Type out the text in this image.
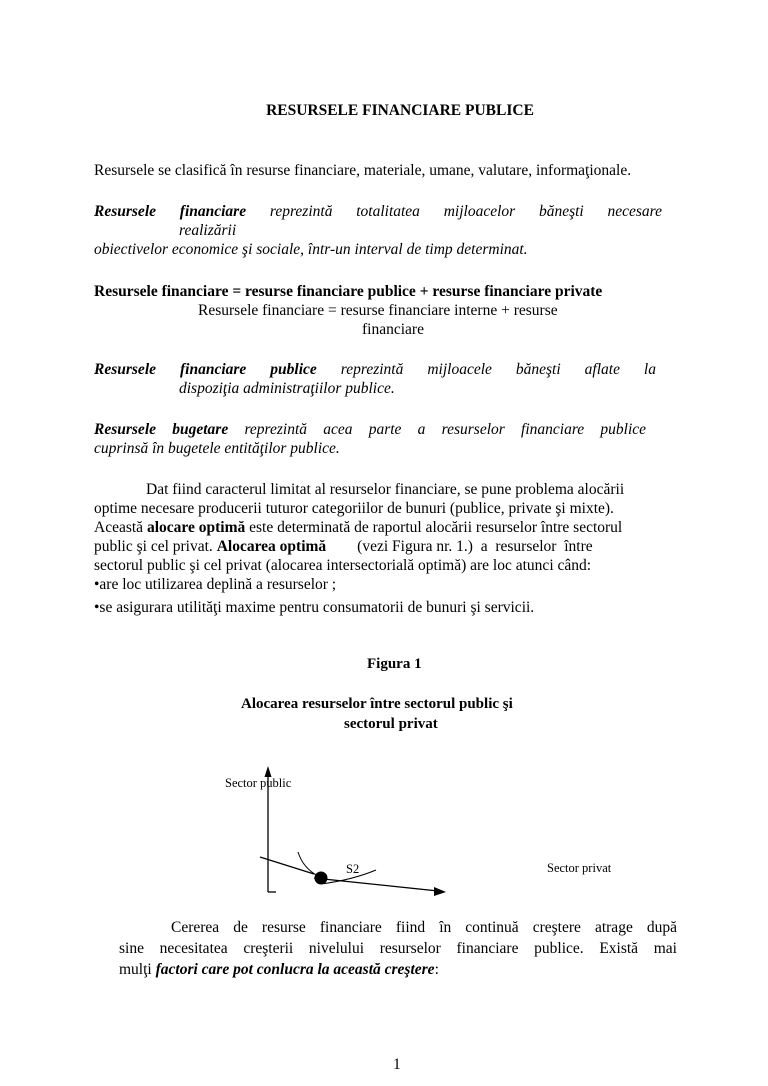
RESURSELE FINANCIARE PUBLICE
Resursele se clasifică în resurse financiare, materiale, umane, valutare, informaţionale.
Resursele financiare reprezintă totalitatea mijloacelor băneşti necesare
realizării
obiectivelor economice şi sociale, într-un interval de timp determinat.
Resursele financiare = resurse financiare publice + resurse financiare private
Resursele financiare = resurse financiare interne + resurse
financiare
Resursele financiare publice reprezintă mijloacele băneşti aflate la
dispoziţia administraţiilor publice.
Resursele bugetare reprezintă acea parte a resurselor financiare publice
cuprinsă în bugetele entităţilor publice.
Dat fiind caracterul limitat al resurselor financiare, se pune problema alocării
optime necesare producerii tuturor categoriilor de bunuri (publice, private şi mixte).
Această alocare optimă este determinată de raportul alocării resurselor între sectorul
public şi cel privat. Alocarea optimă        (vezi Figura nr. 1.)  a  resurselor  între
sectorul public şi cel privat (alocarea intersectorială optimă) are loc atunci când:
•are loc utilizarea deplină a resurselor ;
•se asigurara utilităţi maxime pentru consumatorii de bunuri şi servicii.
Figura 1
Alocarea resurselor între sectorul public şi
sectorul privat
Sector public
S2	Sector privat
Cererea de resurse financiare fiind în continuă creştere atrage după
sine necesitatea creşterii nivelului resurselor financiare publice. Există mai
mulţi factori care pot conlucra la această creştere:
1
